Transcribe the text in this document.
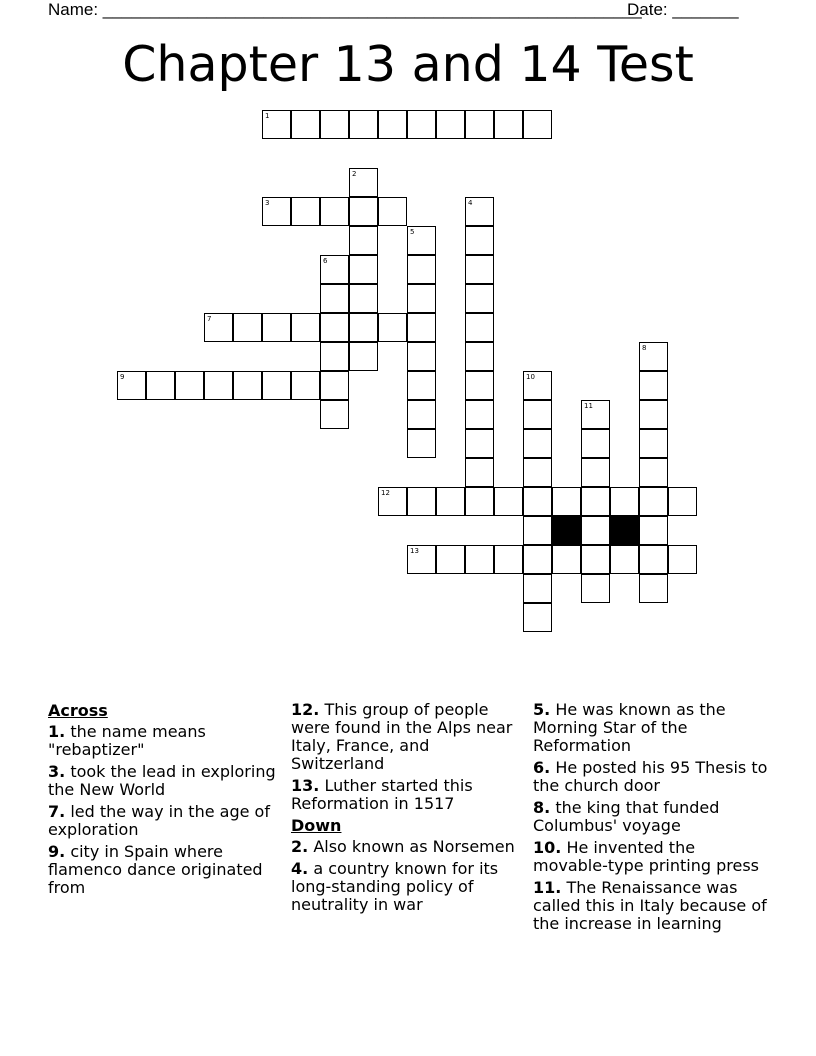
Name: _________________________________________________________
Date: _______
Chapter 13 and 14 Test
1
2
3	4
5
6
7
8
9	10
11
12
13
Across
1. the name means "rebaptizer"
3. took the lead in exploring the New World
7. led the way in the age of exploration
9. city in Spain where flamenco dance originated from
12. This group of people were found in the Alps near Italy, France, and Switzerland
13. Luther started this Reformation in 1517
Down
2. Also known as Norsemen
4. a country known for its long-standing policy of neutrality in war
5. He was known as the Morning Star of the Reformation
6. He posted his 95 Thesis to the church door
8. the king that funded Columbus' voyage
10. He invented the movable-type printing press
11. The Renaissance was called this in Italy because of the increase in learning
